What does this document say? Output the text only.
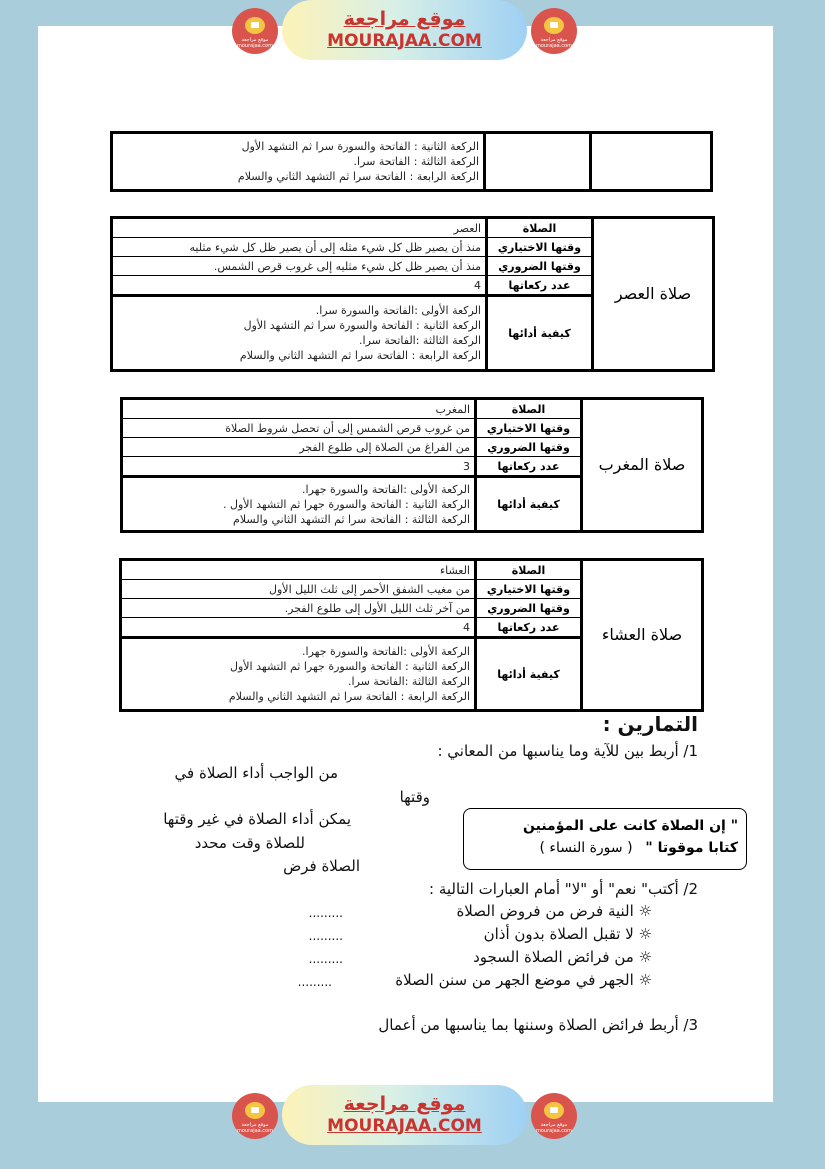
موقع مراجعة mourajaa.com
موقع مراجعة
MOURAJAA.COM	موقع مراجعة mourajaa.com

الركعة الثانية : الفاتحة والسورة سرا ثم التشهد الأول
الركعة الثالثة : الفاتحة سرا.
الركعة الرابعة : الفاتحة سرا ثم التشهد الثاني والسلام
صلاة العصر	الصلاة	العصر
	وقتها الاختياري	منذ أن يصير ظل كل شيء مثله إلى أن يصير ظل كل شيء مثليه
	وقتها الضروري	منذ أن يصير ظل كل شيء مثليه إلى غروب قرص الشمس.
	عدد ركعاتها	4
	كيفية أدائها	الركعة الأولى :الفاتحة والسورة سرا.
الركعة الثانية : الفاتحة والسورة سرا ثم التشهد الأول
الركعة الثالثة :الفاتحة سرا.
الركعة الرابعة : الفاتحة سرا ثم التشهد الثاني والسلام
صلاة المغرب	الصلاة	المغرب
	وقتها الاختياري	من غروب قرص الشمس إلى أن تحصل شروط الصلاة
	وقتها الضروري	من الفراغ من الصلاة إلى طلوع الفجر
	عدد ركعاتها	3
	كيفية أدائها	الركعة الأولى :الفاتحة والسورة جهرا.
الركعة الثانية : الفاتحة والسورة جهرا ثم التشهد الأول .
الركعة الثالثة : الفاتحة سرا ثم التشهد الثاني والسلام
صلاة العشاء	الصلاة	العشاء
	وقتها الاختياري	من مغيب الشفق الأحمر إلى ثلث الليل الأول
	وقتها الضروري	من آخر ثلث الليل الأول إلى طلوع الفجر.
	عدد ركعاتها	4
	كيفية أدائها	الركعة الأولى :الفاتحة والسورة جهرا.
الركعة الثانية : الفاتحة والسورة جهرا ثم التشهد الأول
الركعة الثالثة :الفاتحة سرا.
الركعة الرابعة : الفاتحة سرا ثم التشهد الثاني والسلام
التمارين :
1/ أربط بين للآية وما يناسبها من المعاني :
من الواجب أداء الصلاة في
وقتها
يمكن أداء الصلاة في غير وقتها
للصلاة وقت محدد
الصلاة فرض
" إن الصلاة كانت على المؤمنين
كتابا موقوتا " ( سورة النساء )
2/ أكتب" نعم" أو "لا" أمام العبارات التالية :
☼ النية فرض من فروض الصلاة
.........
☼ لا تقبل الصلاة بدون أذان
.........
☼ من فرائض الصلاة السجود
.........
☼ الجهر في موضع الجهر من سنن الصلاة
.........
3/ أربط فرائض الصلاة وسننها بما يناسبها من أعمال
موقع مراجعة mourajaa.com
موقع مراجعة
MOURAJAA.COM	موقع مراجعة mourajaa.com
